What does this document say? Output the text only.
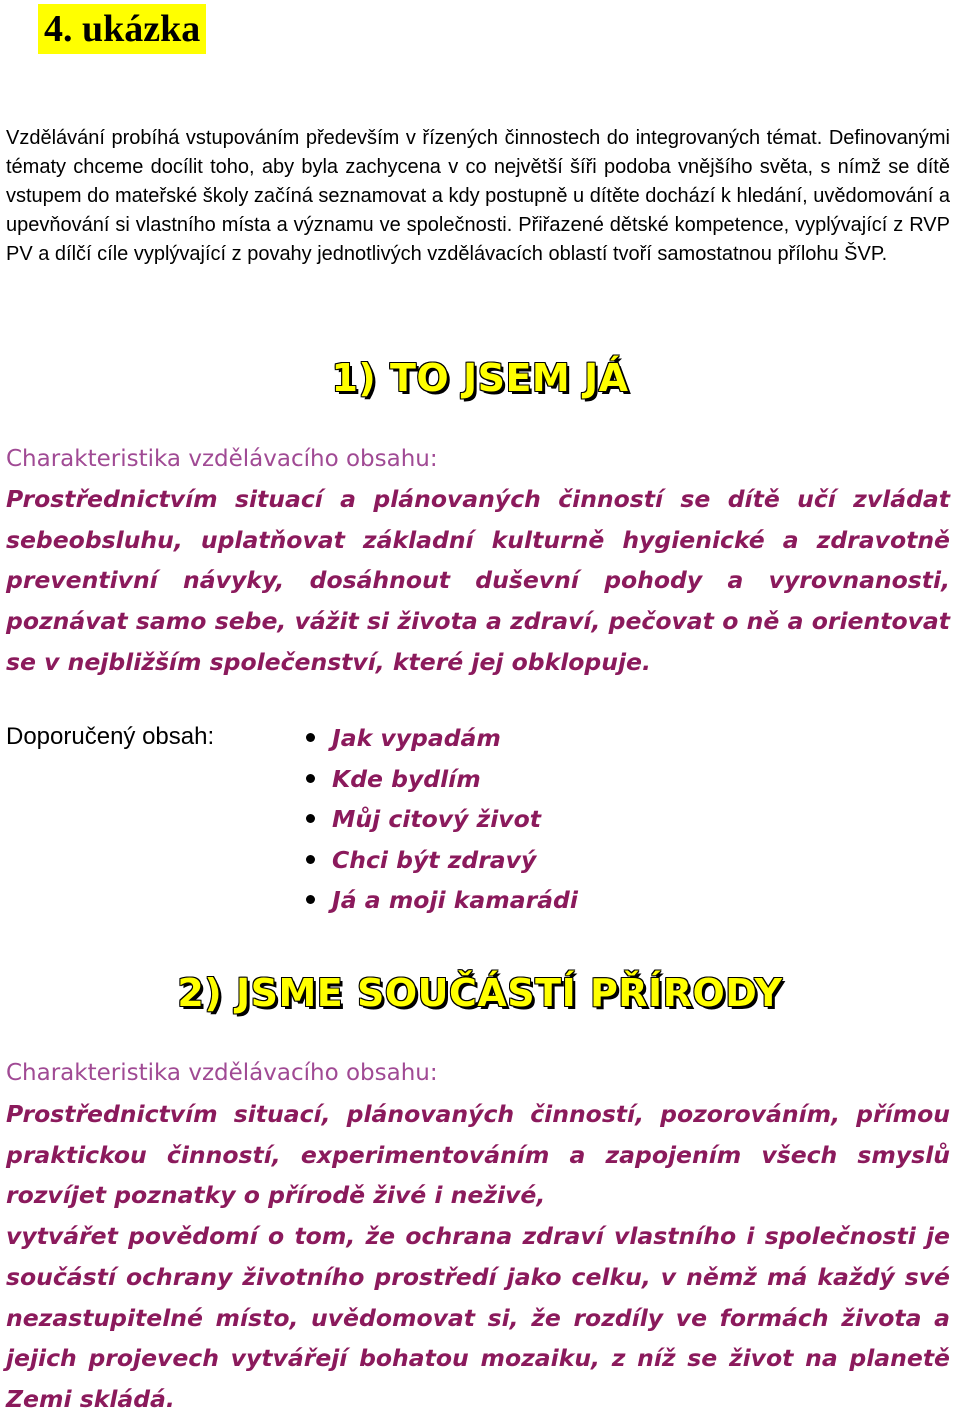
4. ukázka

Vzdělávání probíhá vstupováním především v řízených činnostech do integrovaných témat. Definovanými tématy chceme docílit toho, aby byla zachycena v co největší šíři podoba vnějšího světa, s nímž se dítě vstupem do mateřské školy začíná seznamovat a kdy postupně u dítěte dochází k hledání, uvědomování a upevňování si vlastního místa a významu ve společnosti. Přiřazené dětské kompetence, vyplývající z RVP PV a dílčí cíle vyplývající z povahy jednotlivých vzdělávacích oblastí tvoří samostatnou přílohu ŠVP.

1) TO JSEM JÁ
Charakteristika vzdělávacího obsahu:

Prostřednictvím situací a plánovaných činností se dítě učí zvládat sebeobsluhu, uplatňovat základní kulturně hygienické a zdravotně preventivní návyky, dosáhnout duševní pohody a vyrovnanosti, poznávat samo sebe, vážit si života a zdraví, pečovat o ně a orientovat se v nejbližším společenství, které jej obklopuje.

Doporučený obsah:	Jak vypadám
Kde bydlím
Můj citový život
Chci být zdravý
Já a moji kamarádi
2) JSME SOUČÁSTÍ PŘÍRODY
Charakteristika vzdělávacího obsahu:

Prostřednictvím situací, plánovaných činností, pozorováním, přímou praktickou činností, experimentováním a zapojením všech smyslů rozvíjet poznatky o přírodě živé i neživé,

vytvářet povědomí o tom, že ochrana zdraví vlastního i společnosti je součástí ochrany životního prostředí jako celku, v němž má každý své nezastupitelné místo, uvědomovat si, že rozdíly ve formách života a jejich projevech vytvářejí bohatou mozaiku, z níž se život na planetě Zemi skládá.
